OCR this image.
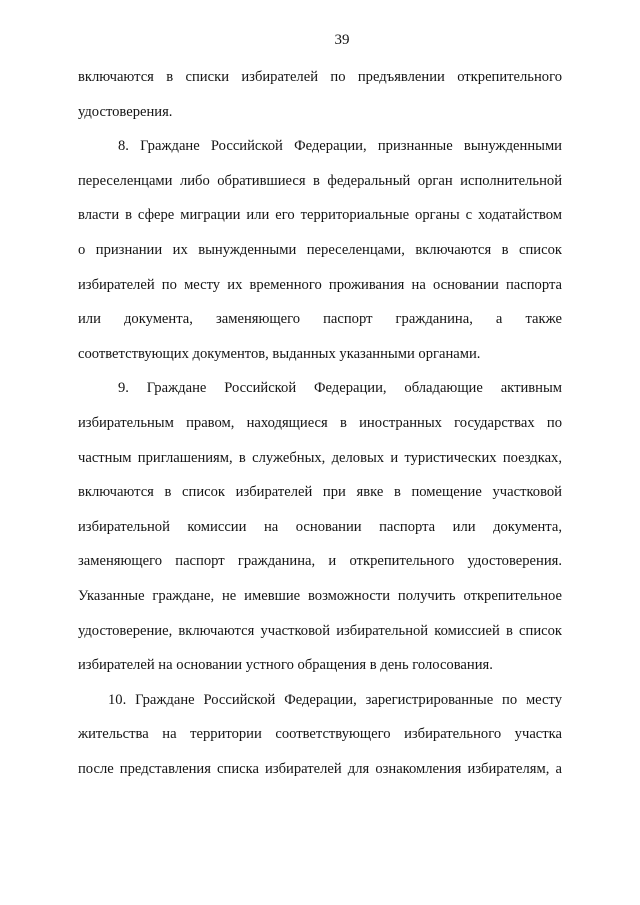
39
включаются в списки избирателей по предъявлении открепительного
удостоверения.
8. Граждане Российской Федерации, признанные вынужденными
переселенцами либо обратившиеся в федеральный орган исполнительной
власти в сфере миграции или его территориальные органы с ходатайством
о признании их вынужденными переселенцами, включаются в список
избирателей по месту их временного проживания на основании паспорта
или документа, заменяющего паспорт гражданина, а также
соответствующих документов, выданных указанными органами.
9. Граждане Российской Федерации, обладающие активным
избирательным правом, находящиеся в иностранных государствах по
частным приглашениям, в служебных, деловых и туристических поездках,
включаются в список избирателей при явке в помещение участковой
избирательной комиссии на основании паспорта или документа,
заменяющего паспорт гражданина, и открепительного удостоверения.
Указанные граждане, не имевшие возможности получить открепительное
удостоверение, включаются участковой избирательной комиссией в список
избирателей на основании устного обращения в день голосования.
10. Граждане Российской Федерации, зарегистрированные по месту
жительства на территории соответствующего избирательного участка
после представления списка избирателей для ознакомления избирателям, а
